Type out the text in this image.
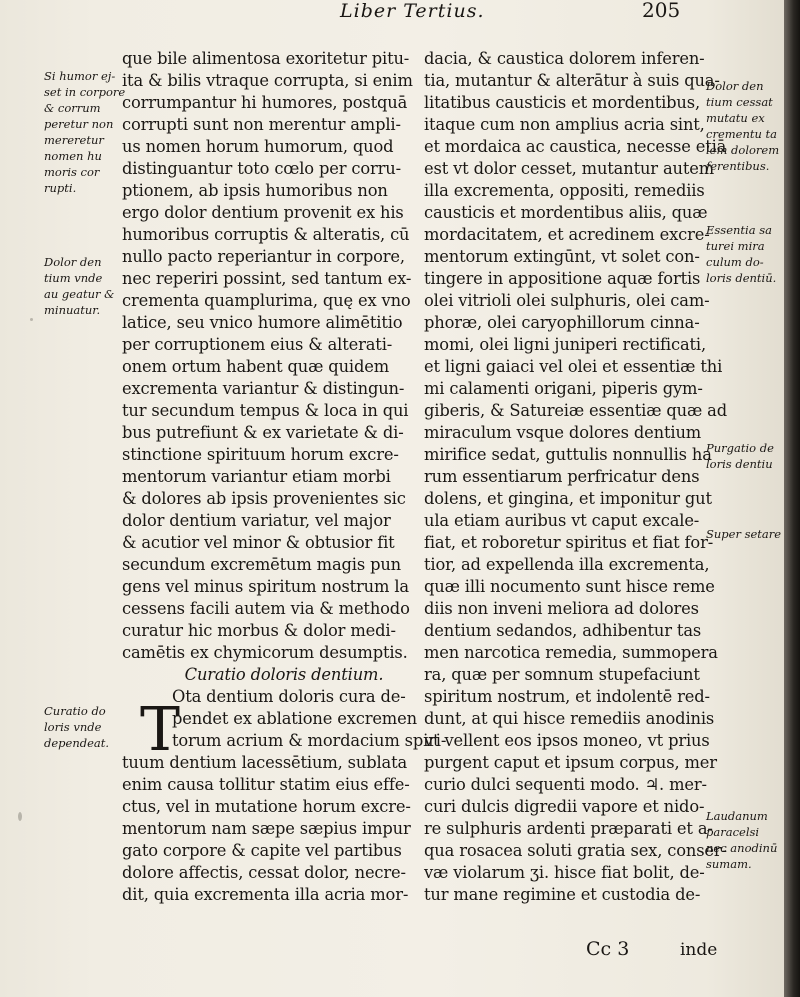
Liber Tertius.	205
que bile alimentosa exoritetur pitu-
ita & bilis vtraque corrupta, si enim
corrumpantur hi humores, postquā
corrupti sunt non merentur ampli-
us nomen horum humorum, quod
distinguantur toto cœlo per corru-
ptionem, ab ipsis humoribus non
ergo dolor dentium provenit ex his
humoribus corruptis & alteratis, cū
nullo pacto reperiantur in corpore,
nec reperiri possint, sed tantum ex-
crementa quamplurima, quę ex vno
latice, seu vnico humore alimētitio
per corruptionem eius & alterati-
onem ortum habent quæ quidem
excrementa variantur & distingun-
tur secundum tempus & loca in qui
bus putrefiunt & ex varietate & di-
stinctione spirituum horum excre-
mentorum variantur etiam morbi
& dolores ab ipsis provenientes sic
dolor dentium variatur, vel major
& acutior vel minor & obtusior fit
secundum excremētum magis pun
gens vel minus spiritum nostrum la
cessens facili autem via & methodo
curatur hic morbus & dolor medi-
camētis ex chymicorum desumptis.
Curatio doloris dentium.
Ota dentium doloris cura de-
pendet ex ablatione excremen
torum acrium & mordacium spiri-
tuum dentium lacessētium, sublata
enim causa tollitur statim eius effe-
ctus, vel in mutatione horum excre-
mentorum nam sæpe sæpius impur
gato corpore & capite vel partibus
dolore affectis, cessat dolor, necre-
dit, quia excrementa illa acria mor-
T
dacia, & caustica dolorem inferen-
tia, mutantur & alterātur à suis qua-
litatibus causticis et mordentibus,
itaque cum non amplius acria sint,
et mordaica ac caustica, necesse etiā
est vt dolor cesset, mutantur autem
illa excrementa, oppositi, remediis
causticis et mordentibus aliis, quæ
mordacitatem, et acredinem excre-
mentorum extingūnt, vt solet con-
tingere in appositione aquæ fortis
olei vitrioli olei sulphuris, olei cam-
phoræ, olei caryophillorum cinna-
momi, olei ligni juniperi rectificati,
et ligni gaiaci vel olei et essentiæ thi
mi calamenti origani, piperis gym-
giberis, & Satureiæ essentiæ quæ ad
miraculum vsque dolores dentium
mirifice sedat, guttulis nonnullis ha
rum essentiarum perfricatur dens
dolens, et gingina, et imponitur gut
ula etiam auribus vt caput excale-
fiat, et roboretur spiritus et fiat for-
tior, ad expellenda illa excrementa,
quæ illi nocumento sunt hisce reme
diis non inveni meliora ad dolores
dentium sedandos, adhibentur tas
men narcotica remedia, summopera
ra, quæ per somnum stupefaciunt
spiritum nostrum, et indolentē red-
dunt, at qui hisce remediis anodinis
vt vellent eos ipsos moneo, vt prius
purgent caput et ipsum corpus, mer
curio dulci sequenti modo. ♃. mer-
curi dulcis digredii vapore et nido-
re sulphuris ardenti præparati et a-
qua rosacea soluti gratia sex, conser-
væ violarum ʒi. hisce fiat bolit, de-
tur mane regimine et custodia de-
Si humor ej-
set in corpore
& corrum
peretur non
mereretur
nomen hu
moris cor
rupti.
Dolor den
tium vnde
au geatur &
minuatur.
Curatio do
loris vnde
dependeat.
Dolor den
tium cessat
mutatu ex
crementu ta
lem dolorem
ferentibus.
Essentia sa
turei mira
culum do-
loris dentiū.
Purgatio de
loris dentiu
Super setare
Laudanum
paracelsi
nec anodinū
sumam.
Cc 3	inde
